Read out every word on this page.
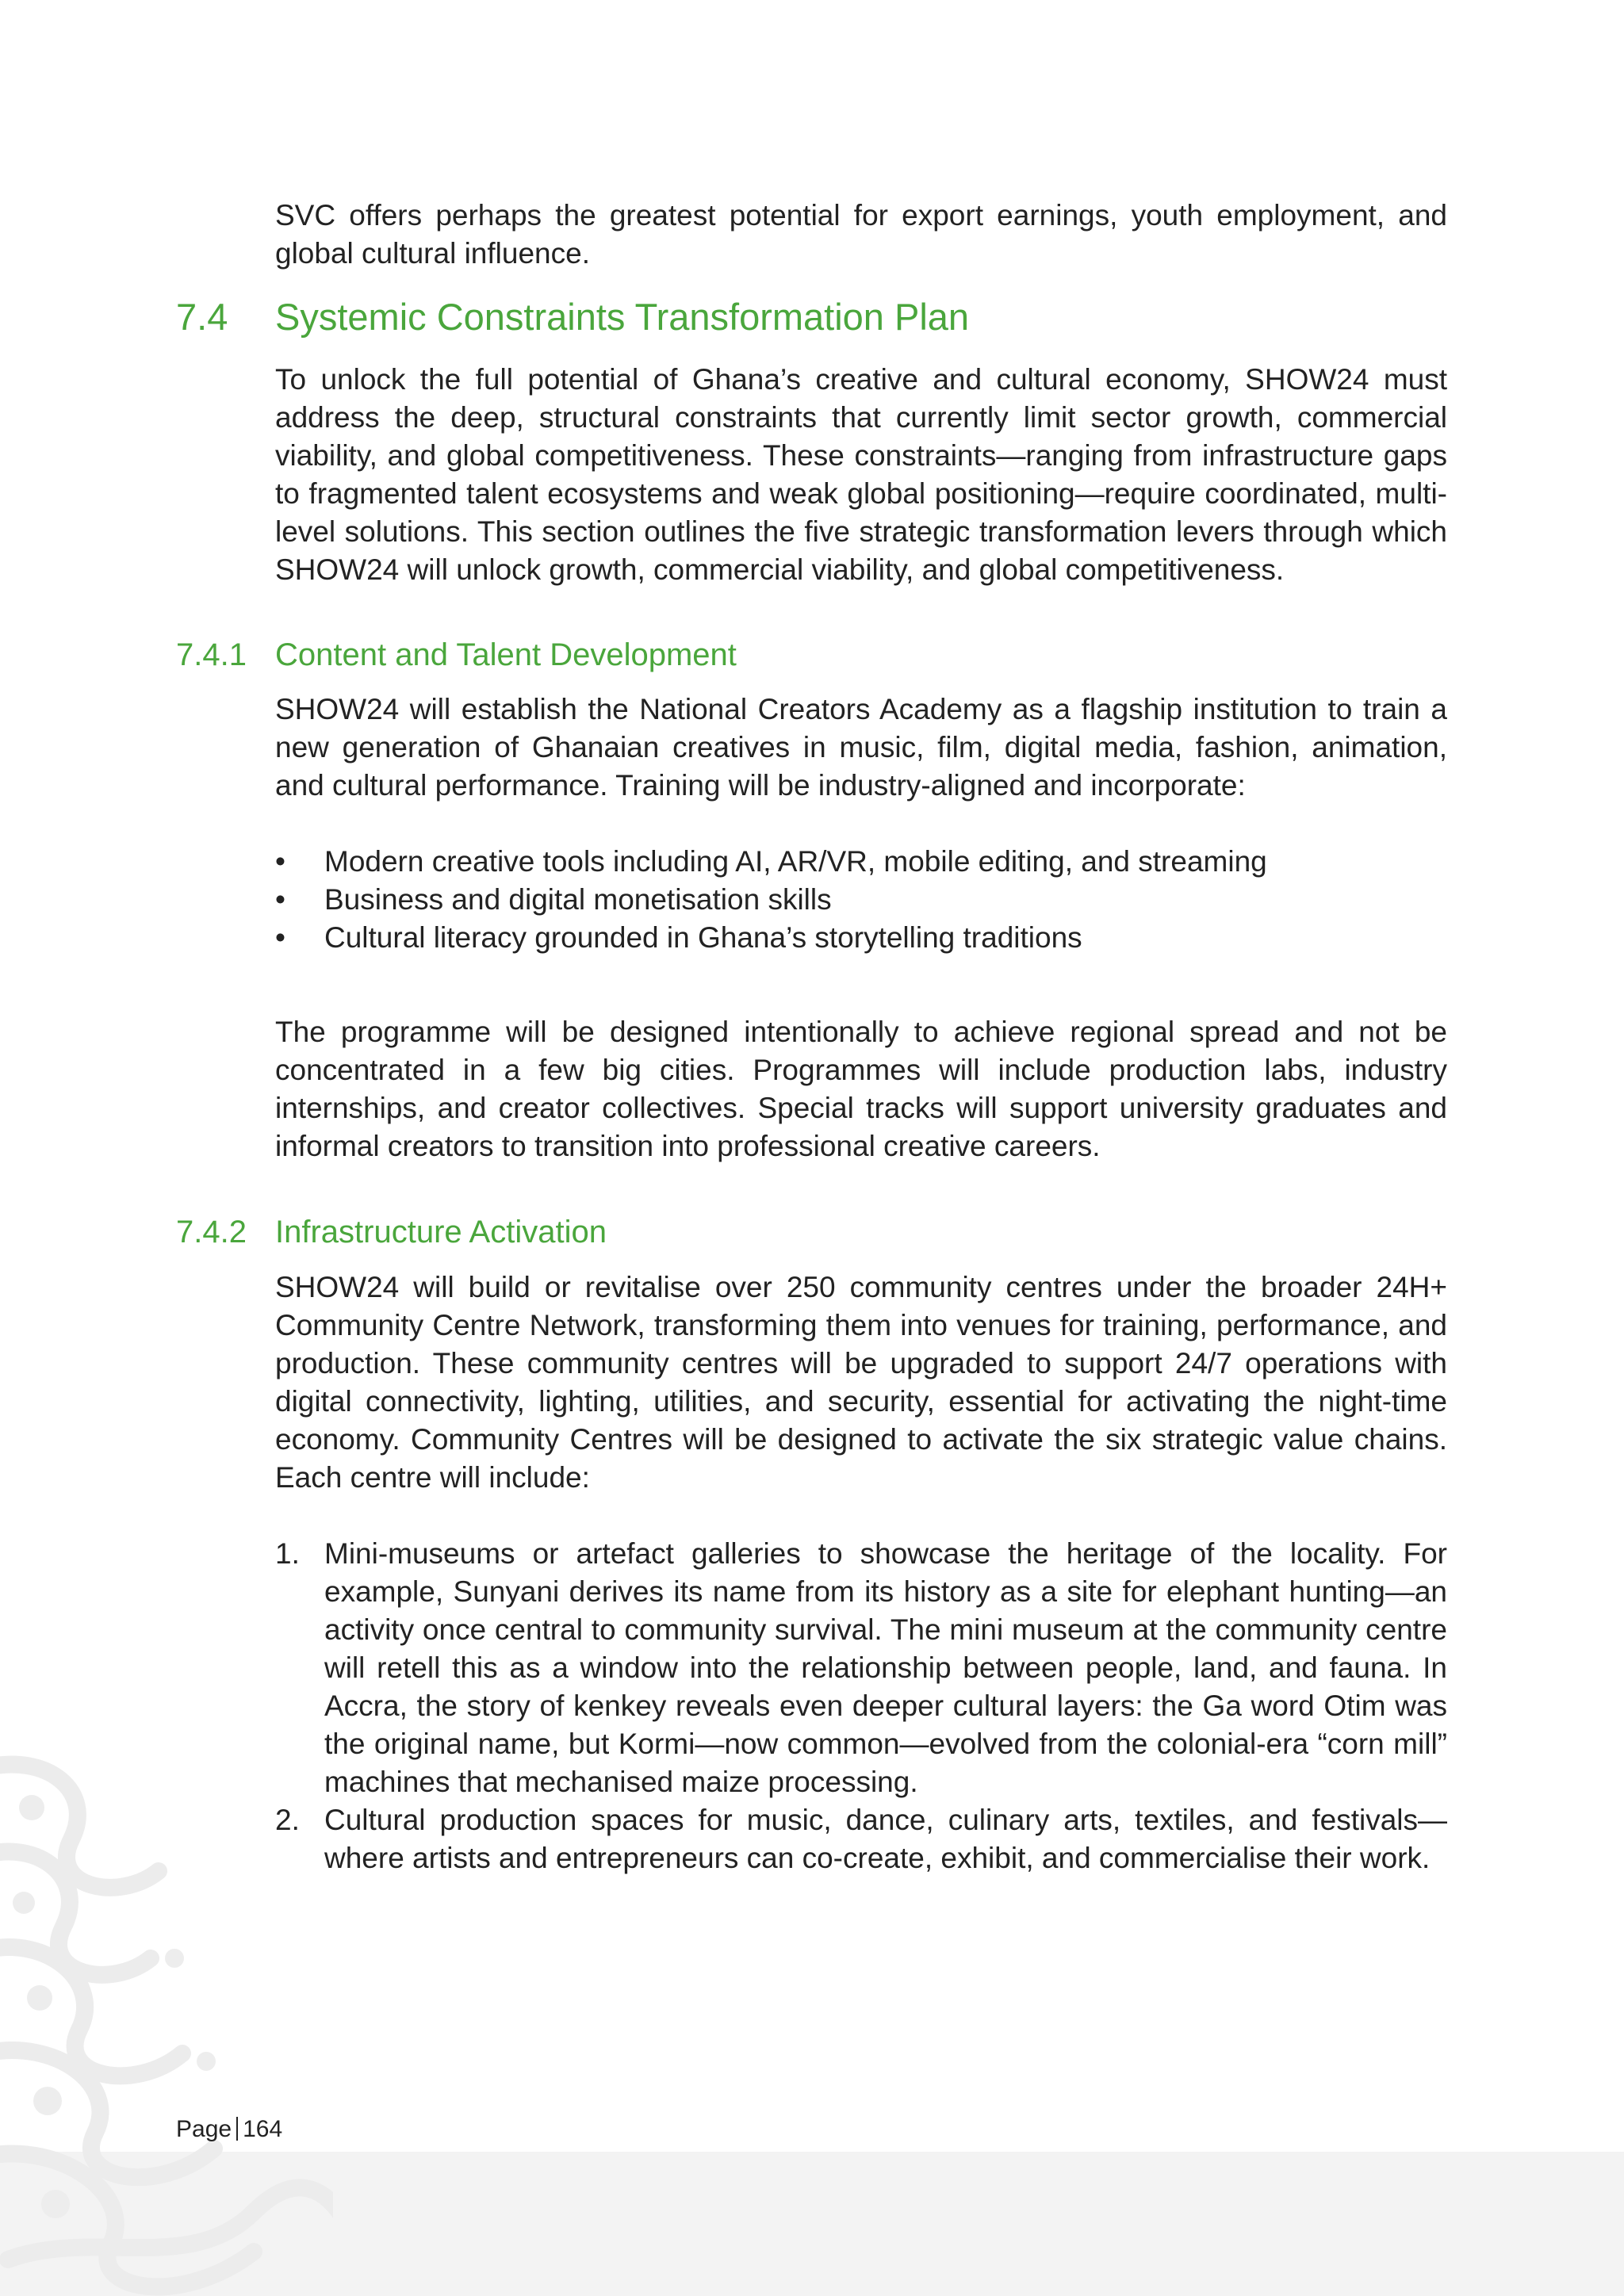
SVC offers perhaps the greatest potential for export earnings, youth employment, and global cultural influence.

7.4 Systemic Constraints Transformation Plan

To unlock the full potential of Ghana’s creative and cultural economy, SHOW24 must address the deep, structural constraints that currently limit sector growth, commercial viability, and global competitiveness. These constraints—ranging from infrastructure gaps to fragmented talent ecosystems and weak global positioning—require coordinated, multi-level solutions. This section outlines the five strategic transformation levers through which SHOW24 will unlock growth, commercial viability, and global competitiveness.

7.4.1 Content and Talent Development

SHOW24 will establish the National Creators Academy as a flagship institution to train a new generation of Ghanaian creatives in music, film, digital media, fashion, animation, and cultural performance. Training will be industry-aligned and incorporate:

• Modern creative tools including AI, AR/VR, mobile editing, and streaming
• Business and digital monetisation skills
• Cultural literacy grounded in Ghana’s storytelling traditions

The programme will be designed intentionally to achieve regional spread and not be concentrated in a few big cities. Programmes will include production labs, industry internships, and creator collectives. Special tracks will support university graduates and informal creators to transition into professional creative careers.

7.4.2 Infrastructure Activation

SHOW24 will build or revitalise over 250 community centres under the broader 24H+ Community Centre Network, transforming them into venues for training, performance, and production. These community centres will be upgraded to support 24/7 operations with digital connectivity, lighting, utilities, and security, essential for activating the night-time economy. Community Centres will be designed to activate the six strategic value chains. Each centre will include:

1. Mini-museums or artefact galleries to showcase the heritage of the locality. For example, Sunyani derives its name from its history as a site for elephant hunting—an activity once central to community survival. The mini museum at the community centre will retell this as a window into the relationship between people, land, and fauna. In Accra, the story of kenkey reveals even deeper cultural layers: the Ga word Otim was the original name, but Kormi—now common—evolved from the colonial-era “corn mill” machines that mechanised maize processing.
2. Cultural production spaces for music, dance, culinary arts, textiles, and festivals—where artists and entrepreneurs can co-create, exhibit, and commercialise their work.
Page 164
